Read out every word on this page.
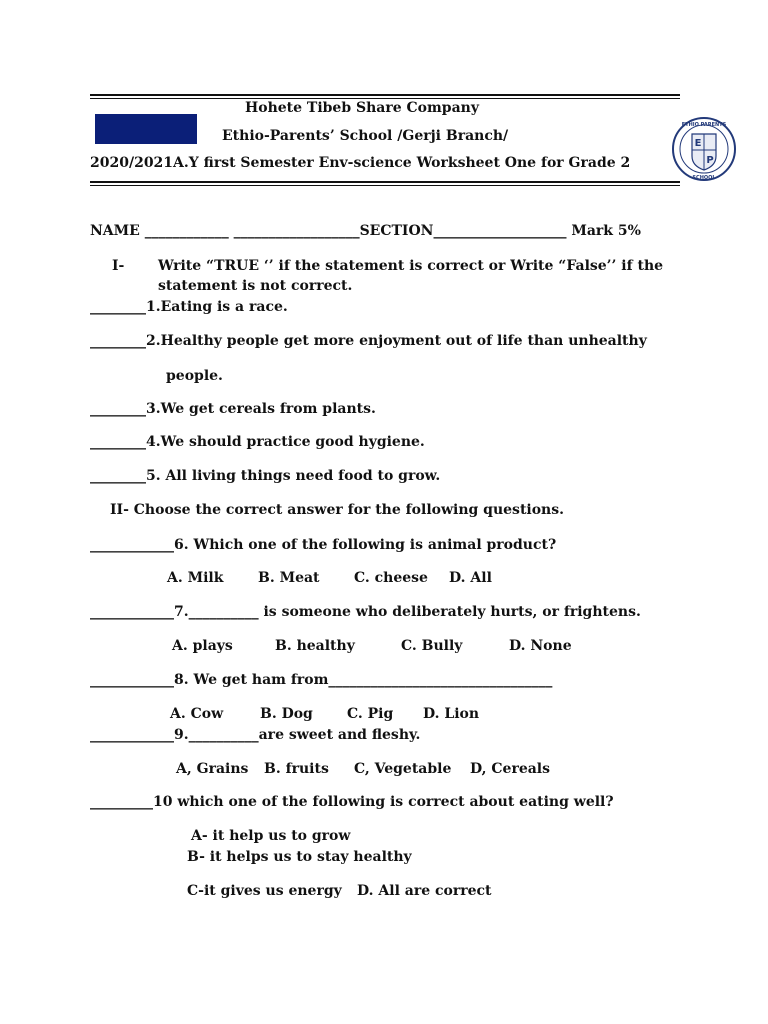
Hohete Tibeb Share Company
Ethio-Parents’ School /Gerji Branch/
2020/2021A.Y first Semester Env-science Worksheet One for Grade 2
E
P
ETHIO PARENTS
SCHOOL
NAME ____________ __________________SECTION___________________ Mark 5%
I- Write “TRUE ‘’ if the statement is correct or Write “False’’ if the
statement is not correct.
________1.Eating is a race.
________2.Healthy people get more enjoyment out of life than unhealthy
people.
________3.We get cereals from plants.
________4.We should practice good hygiene.
________5. All living things need food to grow.
II- Choose the correct answer for the following questions.
____________6. Which one of the following is animal product?
A. Milk B. Meat C. cheese D. All
____________7.__________ is someone who deliberately hurts, or frightens.
A. plays	B. healthy	C. Bully	D. None
____________8. We get ham from________________________________
A. Cow	B. Dog C. Pig D. Lion
____________9.__________are sweet and fleshy.
A, Grains B. fruits C, Vegetable D, Cereals
_________10 which one of the following is correct about eating well?
A- it help us to grow
B- it helps us to stay healthy
C-it gives us energy D. All are correct
